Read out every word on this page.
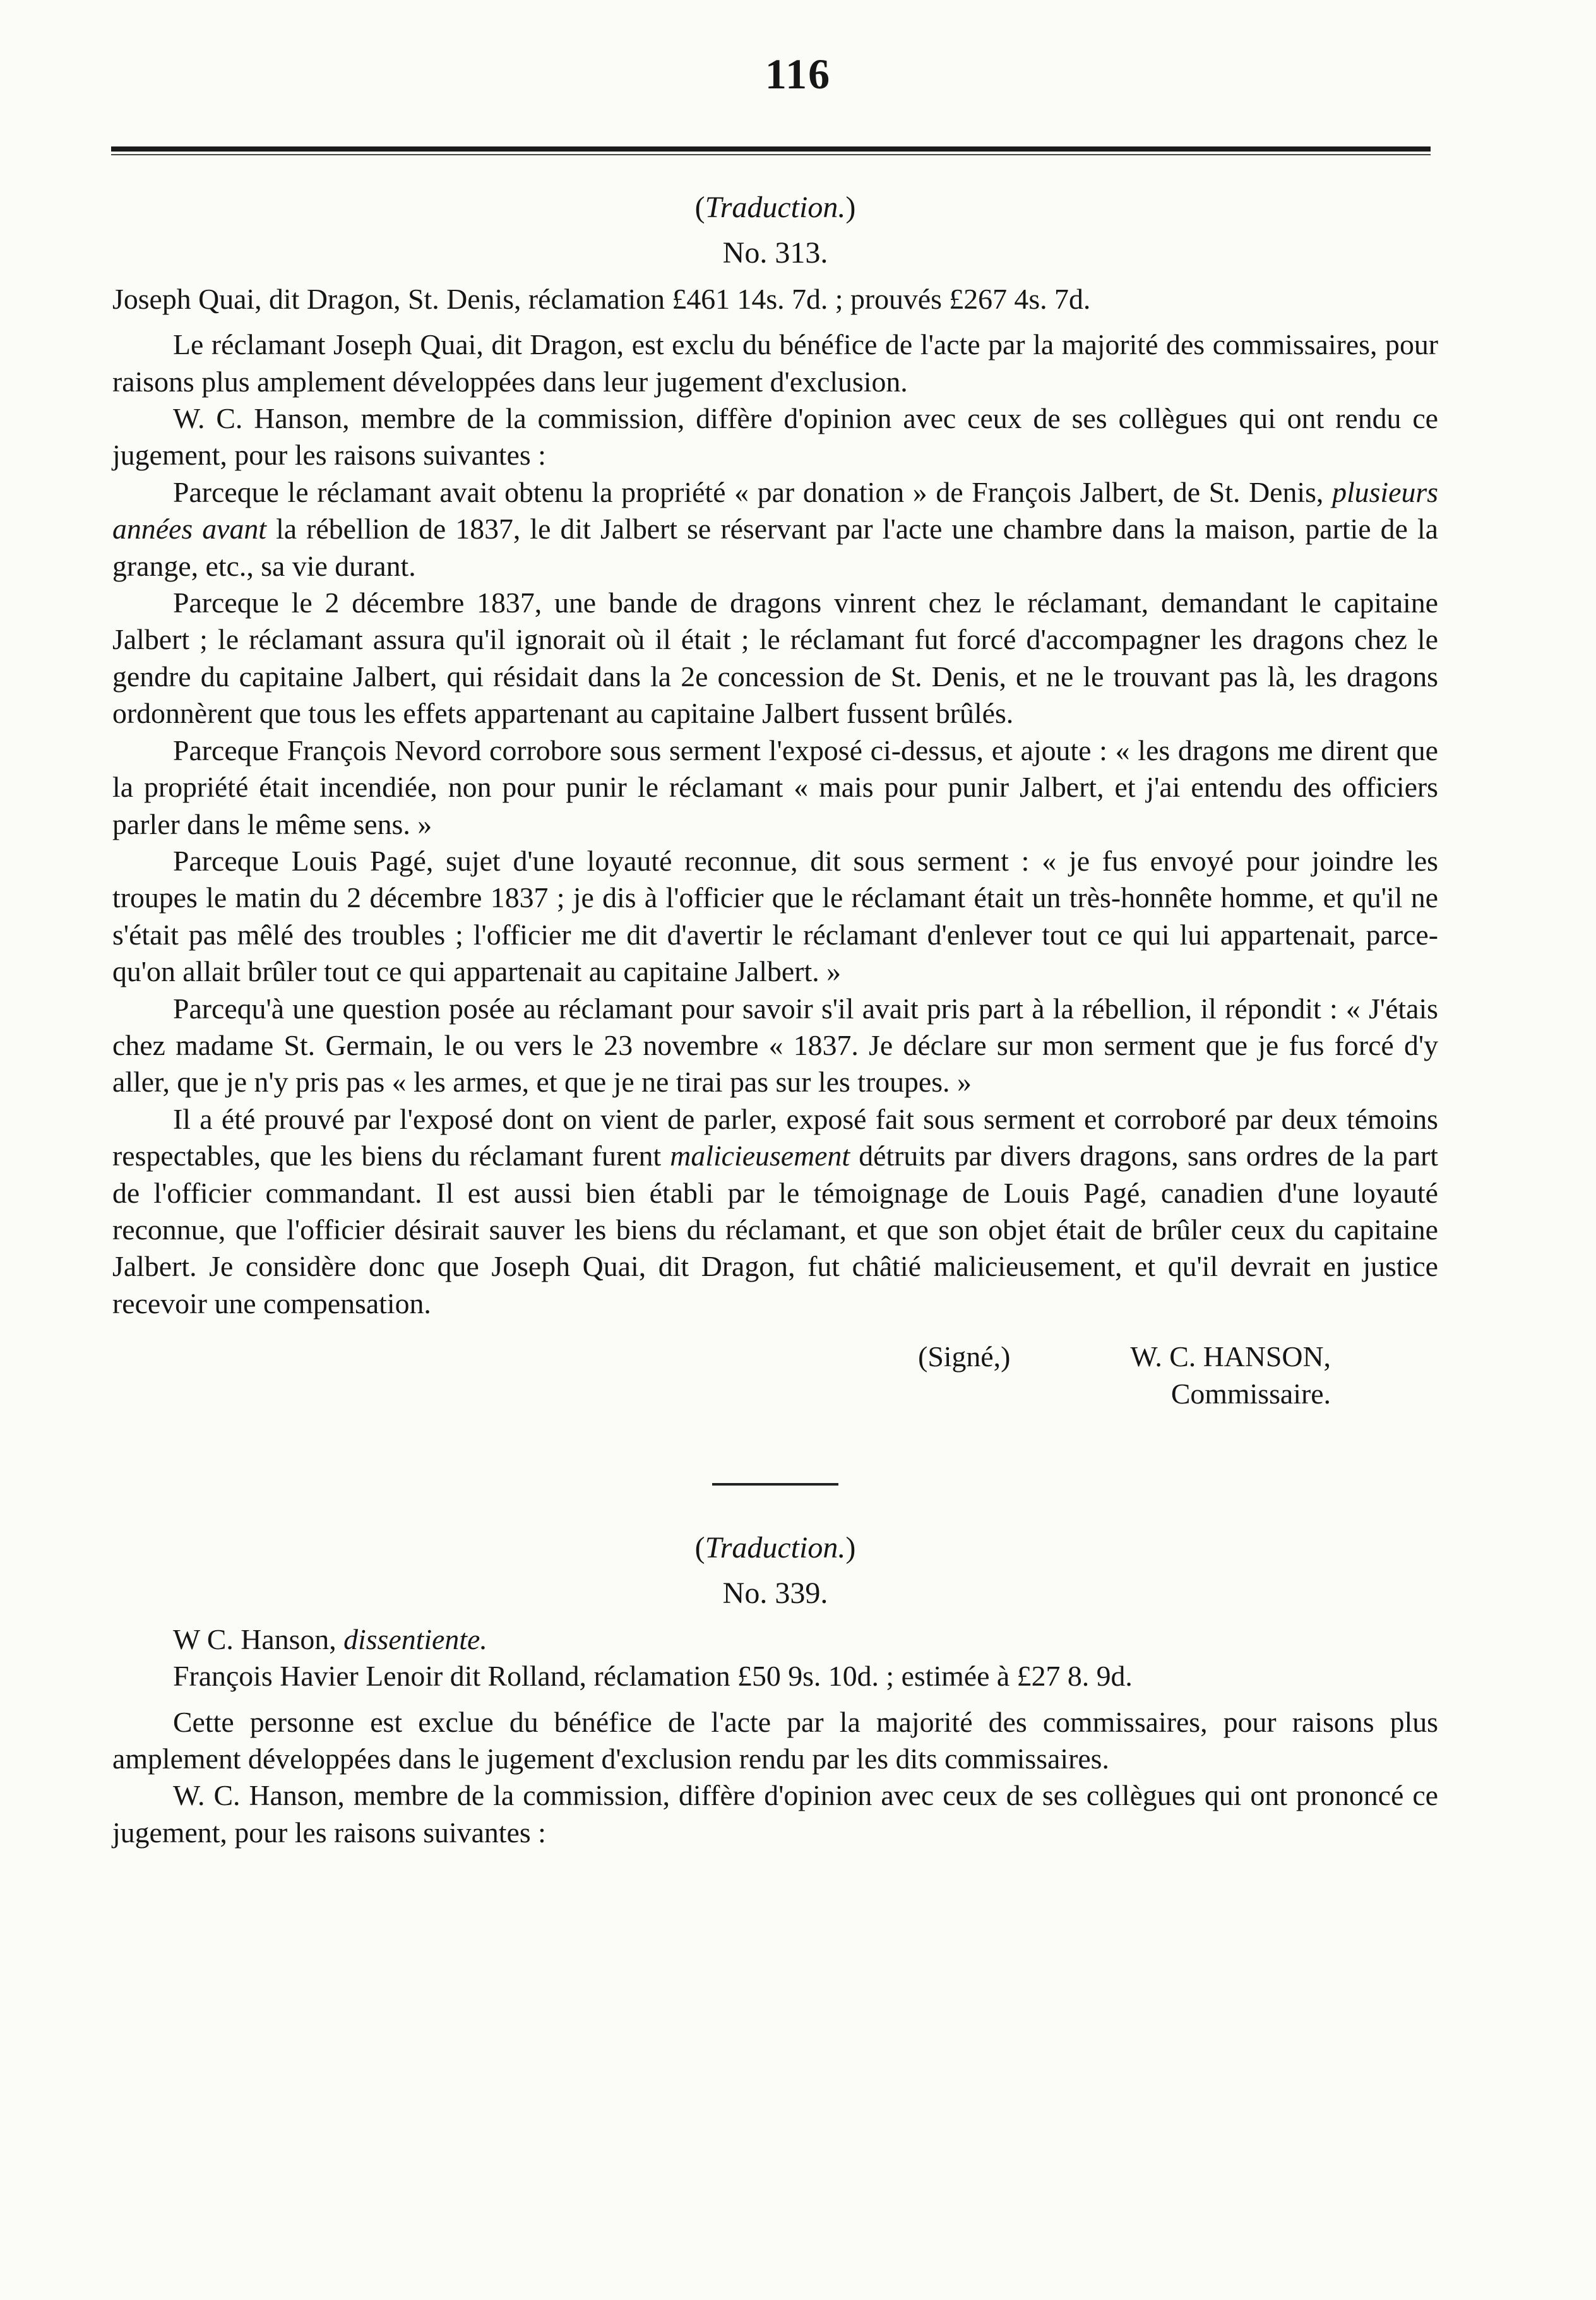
116
(Traduction.)
No. 313.

Joseph Quai, dit Dragon, St. Denis, réclamation £461 14s. 7d. ; prouvés £267 4s. 7d.

Le réclamant Joseph Quai, dit Dragon, est exclu du bénéfice de l'acte par la majorité des commissaires, pour raisons plus amplement développées dans leur jugement d'exclusion.

W. C. Hanson, membre de la commission, diffère d'opinion avec ceux de ses collègues qui ont rendu ce jugement, pour les raisons suivantes :

Parceque le réclamant avait obtenu la propriété « par donation » de François Jalbert, de St. Denis, plusieurs années avant la rébellion de 1837, le dit Jalbert se réservant par l'acte une chambre dans la maison, partie de la grange, etc., sa vie durant.

Parceque le 2 décembre 1837, une bande de dragons vinrent chez le réclamant, demandant le capitaine Jalbert ; le réclamant assura qu'il ignorait où il était ; le réclamant fut forcé d'accompagner les dragons chez le gendre du capitaine Jalbert, qui résidait dans la 2e concession de St. Denis, et ne le trouvant pas là, les dragons ordonnèrent que tous les effets appartenant au capitaine Jalbert fussent brûlés.

Parceque François Nevord corrobore sous serment l'exposé ci-dessus, et ajoute : « les dragons me dirent que la propriété était incendiée, non pour punir le réclamant « mais pour punir Jalbert, et j'ai entendu des officiers parler dans le même sens. »

Parceque Louis Pagé, sujet d'une loyauté reconnue, dit sous serment : « je fus envoyé pour joindre les troupes le matin du 2 décembre 1837 ; je dis à l'officier que le réclamant était un très-honnête homme, et qu'il ne s'était pas mêlé des troubles ; l'officier me dit d'avertir le réclamant d'enlever tout ce qui lui appartenait, parce-qu'on allait brûler tout ce qui appartenait au capitaine Jalbert. »

Parcequ'à une question posée au réclamant pour savoir s'il avait pris part à la rébellion, il répondit : « J'étais chez madame St. Germain, le ou vers le 23 novembre « 1837. Je déclare sur mon serment que je fus forcé d'y aller, que je n'y pris pas « les armes, et que je ne tirai pas sur les troupes. »

Il a été prouvé par l'exposé dont on vient de parler, exposé fait sous serment et corroboré par deux témoins respectables, que les biens du réclamant furent malicieusement détruits par divers dragons, sans ordres de la part de l'officier commandant. Il est aussi bien établi par le témoignage de Louis Pagé, canadien d'une loyauté reconnue, que l'officier désirait sauver les biens du réclamant, et que son objet était de brûler ceux du capitaine Jalbert. Je considère donc que Joseph Quai, dit Dragon, fut châtié malicieusement, et qu'il devrait en justice recevoir une compensation.

(Signé,)	W. C. HANSON,
Commissaire.
(Traduction.)
No. 339.

W C. Hanson, dissentiente.

François Havier Lenoir dit Rolland, réclamation £50 9s. 10d. ; estimée à £27 8. 9d.

Cette personne est exclue du bénéfice de l'acte par la majorité des commissaires, pour raisons plus amplement développées dans le jugement d'exclusion rendu par les dits commissaires.

W. C. Hanson, membre de la commission, diffère d'opinion avec ceux de ses collègues qui ont prononcé ce jugement, pour les raisons suivantes :
